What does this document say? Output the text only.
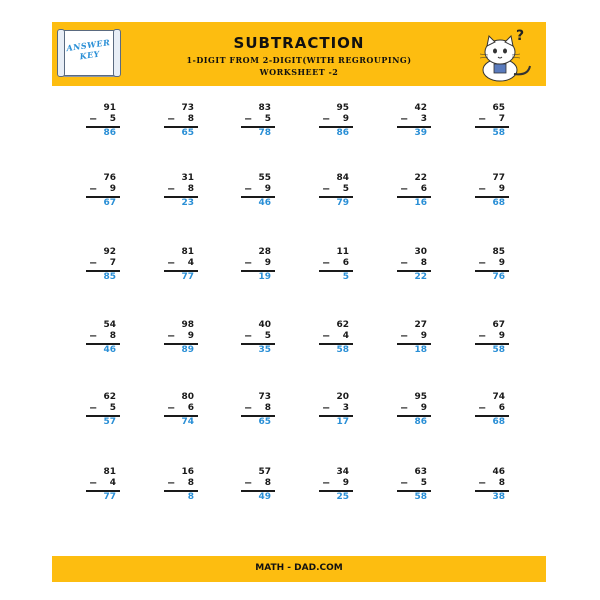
ANSWER KEY
SUBTRACTION
1-DIGIT FROM 2-DIGIT(WITH REGROUPING)
WORKSHEET -2
?
91
− 5
86
73
− 8
65
83
− 5
78
95
− 9
86
42
− 3
39
65
− 7
58
76
− 9
67
31
− 8
23
55
− 9
46
84
− 5
79
22
− 6
16
77
− 9
68
92
− 7
85
81
− 4
77
28
− 9
19
11
− 6
5
30
− 8
22
85
− 9
76
54
− 8
46
98
− 9
89
40
− 5
35
62
− 4
58
27
− 9
18
67
− 9
58
62
− 5
57
80
− 6
74
73
− 8
65
20
− 3
17
95
− 9
86
74
− 6
68
81
− 4
77
16
− 8
8
57
− 8
49
34
− 9
25
63
− 5
58
46
− 8
38
MATH - DAD.COM
